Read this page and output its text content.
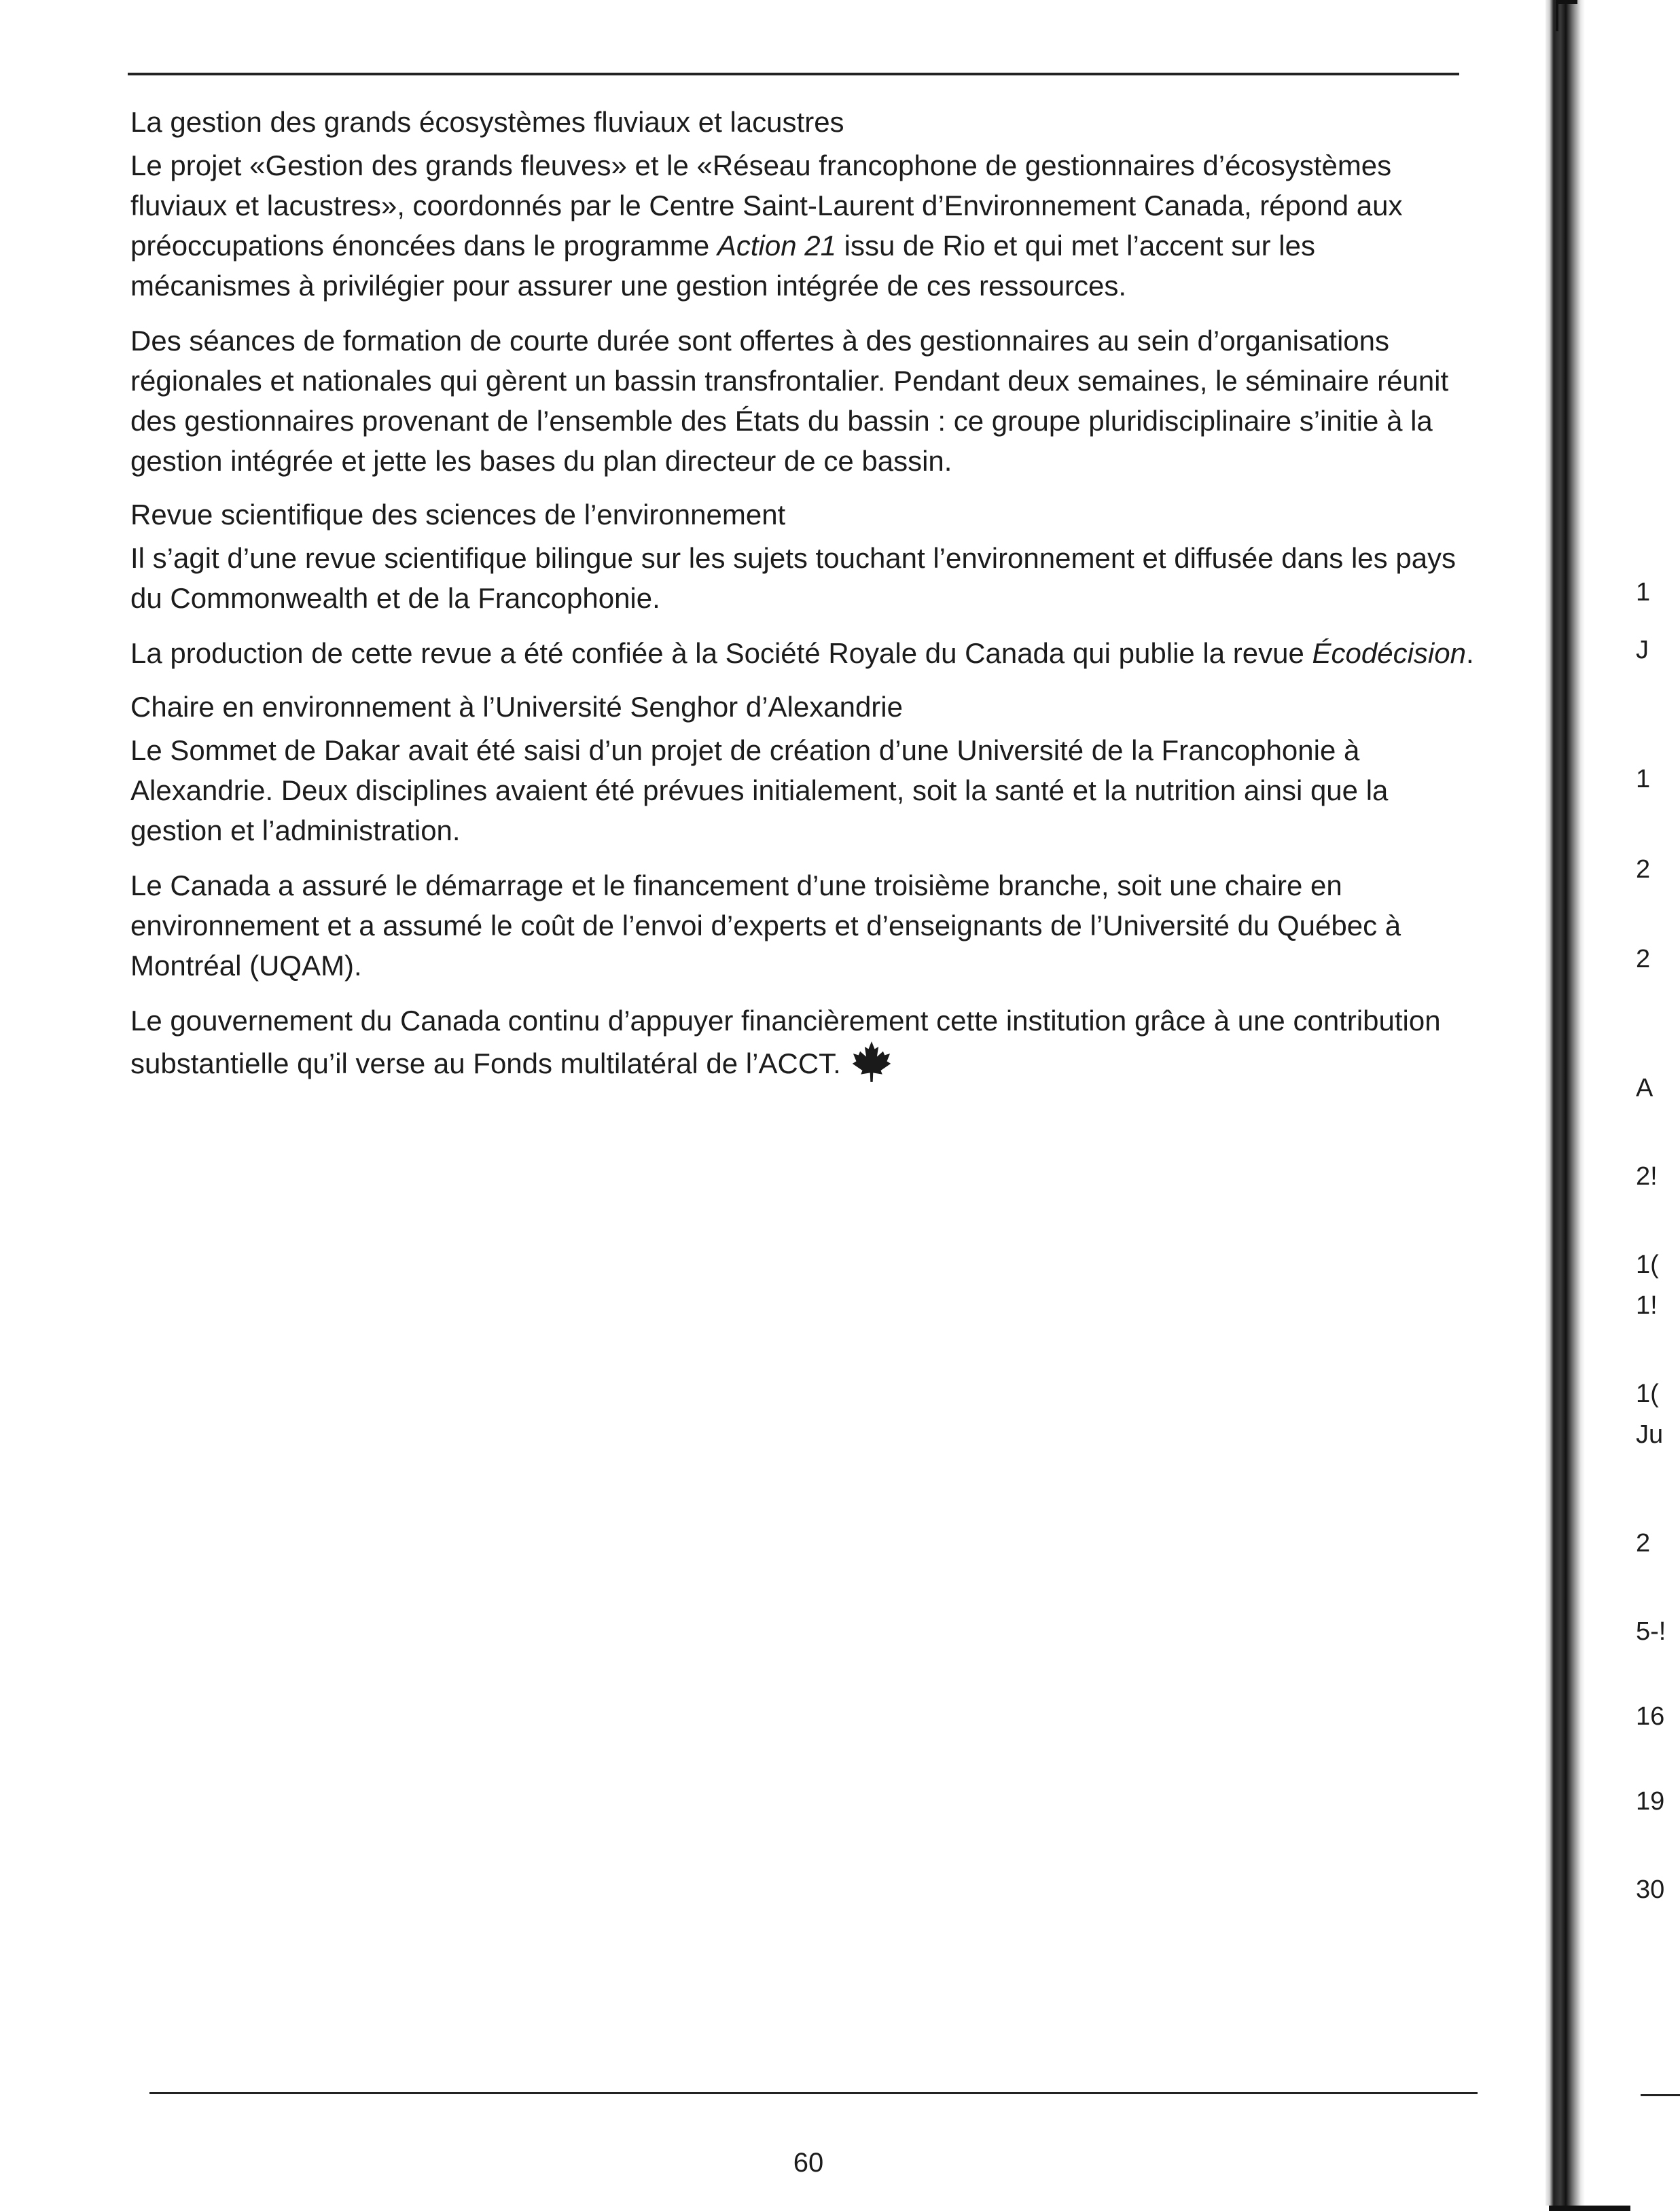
La gestion des grands écosystèmes fluviaux et lacustres

Le projet «Gestion des grands fleuves» et le «Réseau francophone de gestionnaires d’écosystèmes fluviaux et lacustres», coordonnés par le Centre Saint-Laurent d’Environnement Canada, répond aux préoccupations énoncées dans le programme Action 21 issu de Rio et qui met l’accent sur les mécanismes à privilégier pour assurer une gestion intégrée de ces ressources.

Des séances de formation de courte durée sont offertes à des gestionnaires au sein d’organisations régionales et nationales qui gèrent un bassin transfrontalier. Pendant deux semaines, le séminaire réunit des gestionnaires provenant de l’ensemble des États du bassin : ce groupe pluridisciplinaire s’initie à la gestion intégrée et jette les bases du plan directeur de ce bassin.

Revue scientifique des sciences de l’environnement

Il s’agit d’une revue scientifique bilingue sur les sujets touchant l’environnement et diffusée dans les pays du Commonwealth et de la Francophonie.

La production de cette revue a été confiée à la Société Royale du Canada qui publie la revue Écodécision.

Chaire en environnement à l’Université Senghor d’Alexandrie

Le Sommet de Dakar avait été saisi d’un projet de création d’une Université de la Francophonie à Alexandrie. Deux disciplines avaient été prévues initialement, soit la santé et la nutrition ainsi que la gestion et l’administration.

Le Canada a assuré le démarrage et le financement d’une troisième branche, soit une chaire en environnement et a assumé le coût de l’envoi d’experts et d’enseignants de l’Université du Québec à Montréal (UQAM).

Le gouvernement du Canada continu d’appuyer financièrement cette institution grâce à une contribution substantielle qu’il verse au Fonds multilatéral de l’ACCT.

60
1
J
1
2
2
A
2!
1(
1!
1(
Ju
2
5-!
16
19
30
